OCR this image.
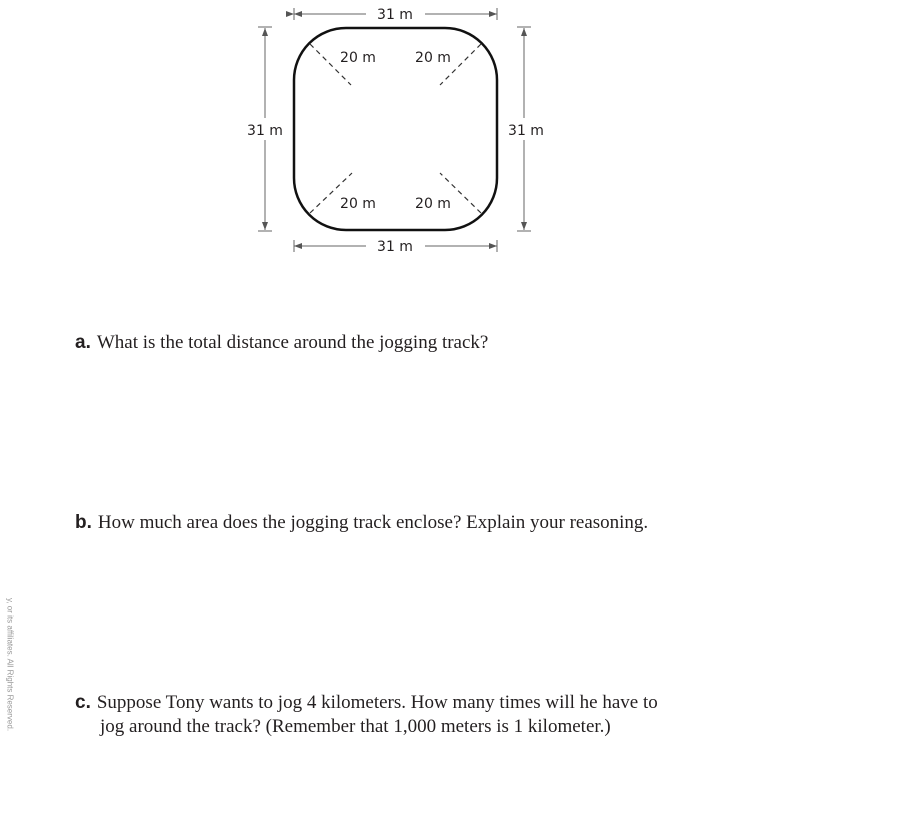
31 m
31 m
31 m	31 m
20 m	20 m
20 m	20 m
a. What is the total distance around the jogging track?
b. How much area does the jogging track enclose? Explain your reasoning.
c. Suppose Tony wants to jog 4 kilometers. How many times will he have to
jog around the track? (Remember that 1,000 meters is 1 kilometer.)
y, or its affiliates. All Rights Reserved.
